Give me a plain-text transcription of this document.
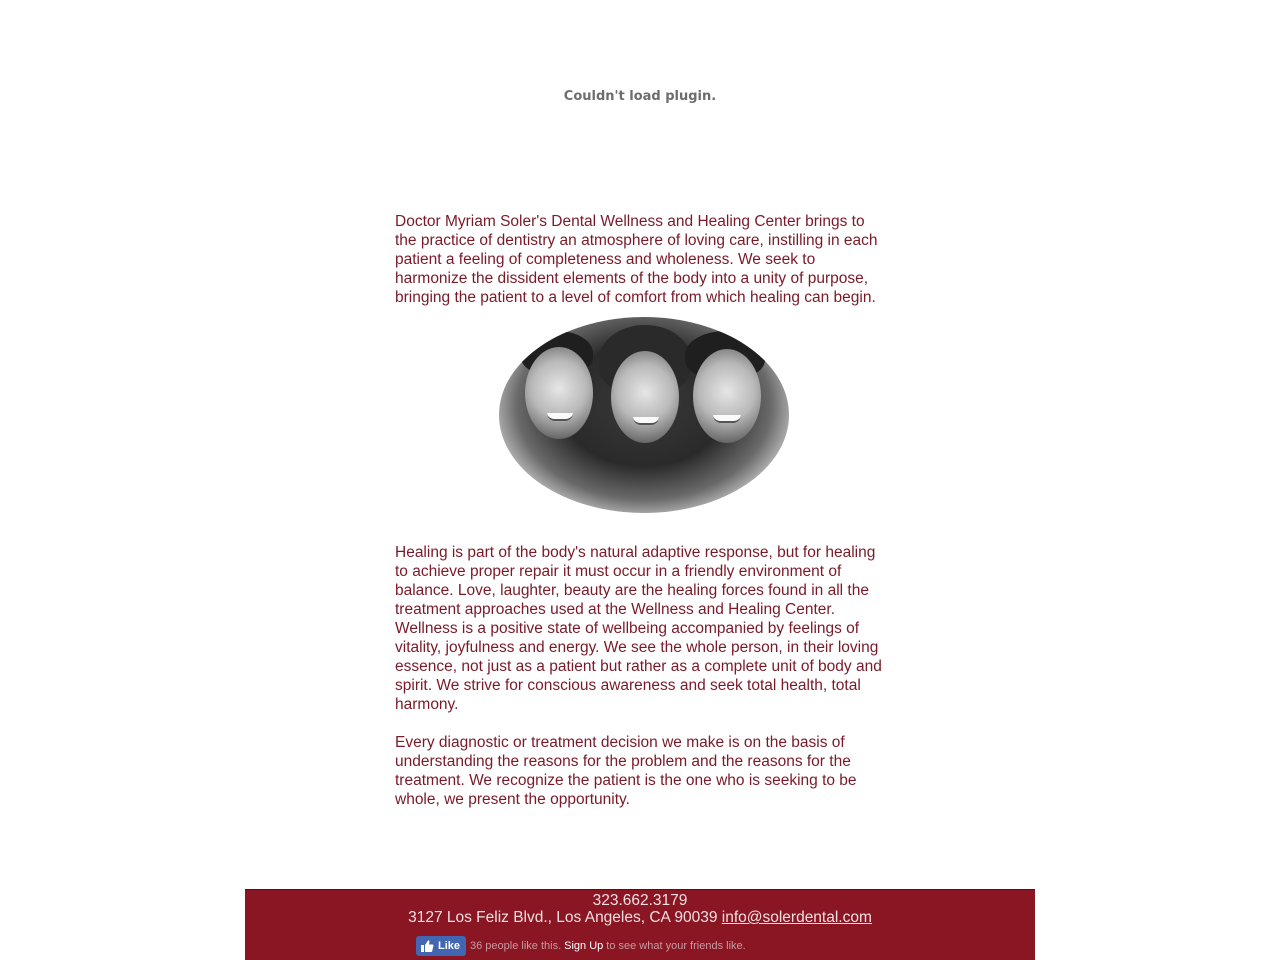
Couldn't load plugin.

Doctor Myriam Soler's Dental Wellness and Healing Center brings to the practice of dentistry an atmosphere of loving care, instilling in each patient a feeling of completeness and wholeness. We seek to harmonize the dissident elements of the body into a unity of purpose, bringing the patient to a level of comfort from which healing can begin.

Healing is part of the body's natural adaptive response, but for healing to achieve proper repair it must occur in a friendly environment of balance. Love, laughter, beauty are the healing forces found in all the treatment approaches used at the Wellness and Healing Center.

Wellness is a positive state of wellbeing accompanied by feelings of vitality, joyfulness and energy. We see the whole person, in their loving
essence, not just as a patient but rather as a complete unit of body and
spirit. We strive for conscious awareness and seek total health, total harmony.

Every diagnostic or treatment decision we make is on the basis of understanding the reasons for the problem and the reasons for the treatment. We recognize the patient is the one who is seeking to be whole, we present the opportunity.

323.662.3179
3127 Los Feliz Blvd., Los Angeles, CA 90039 info@solerdental.com
Like 36 people like this. Sign Up to see what your friends like.
